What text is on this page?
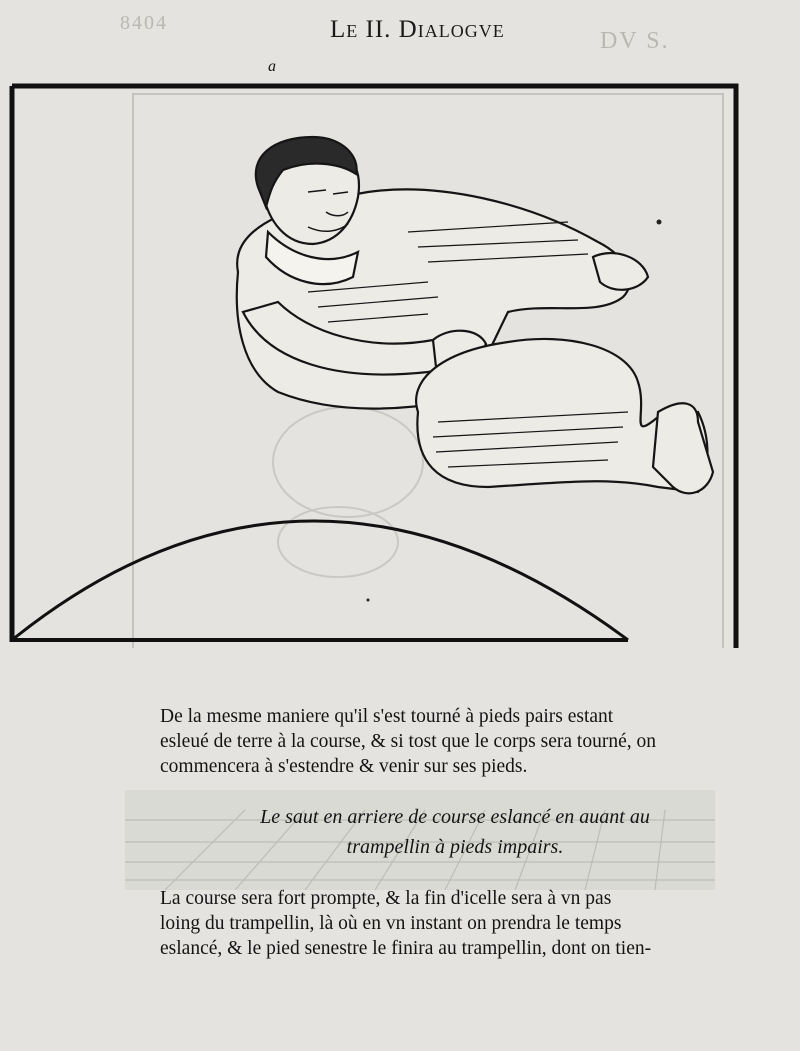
8404
DV S.
Le II. Dialogve
a
De la mesme maniere qu'il s'est tourné à pieds pairs estant
esleué de terre à la course, & si tost que le corps sera tourné, on
commencera à s'estendre & venir sur ses pieds.
Le saut en arriere de course eslancé en auant au
trampellin à pieds impairs.
La course sera fort prompte, & la fin d'icelle sera à vn pas
loing du trampellin, là où en vn instant on prendra le temps
eslancé, & le pied senestre le finira au trampellin, dont on tien-
